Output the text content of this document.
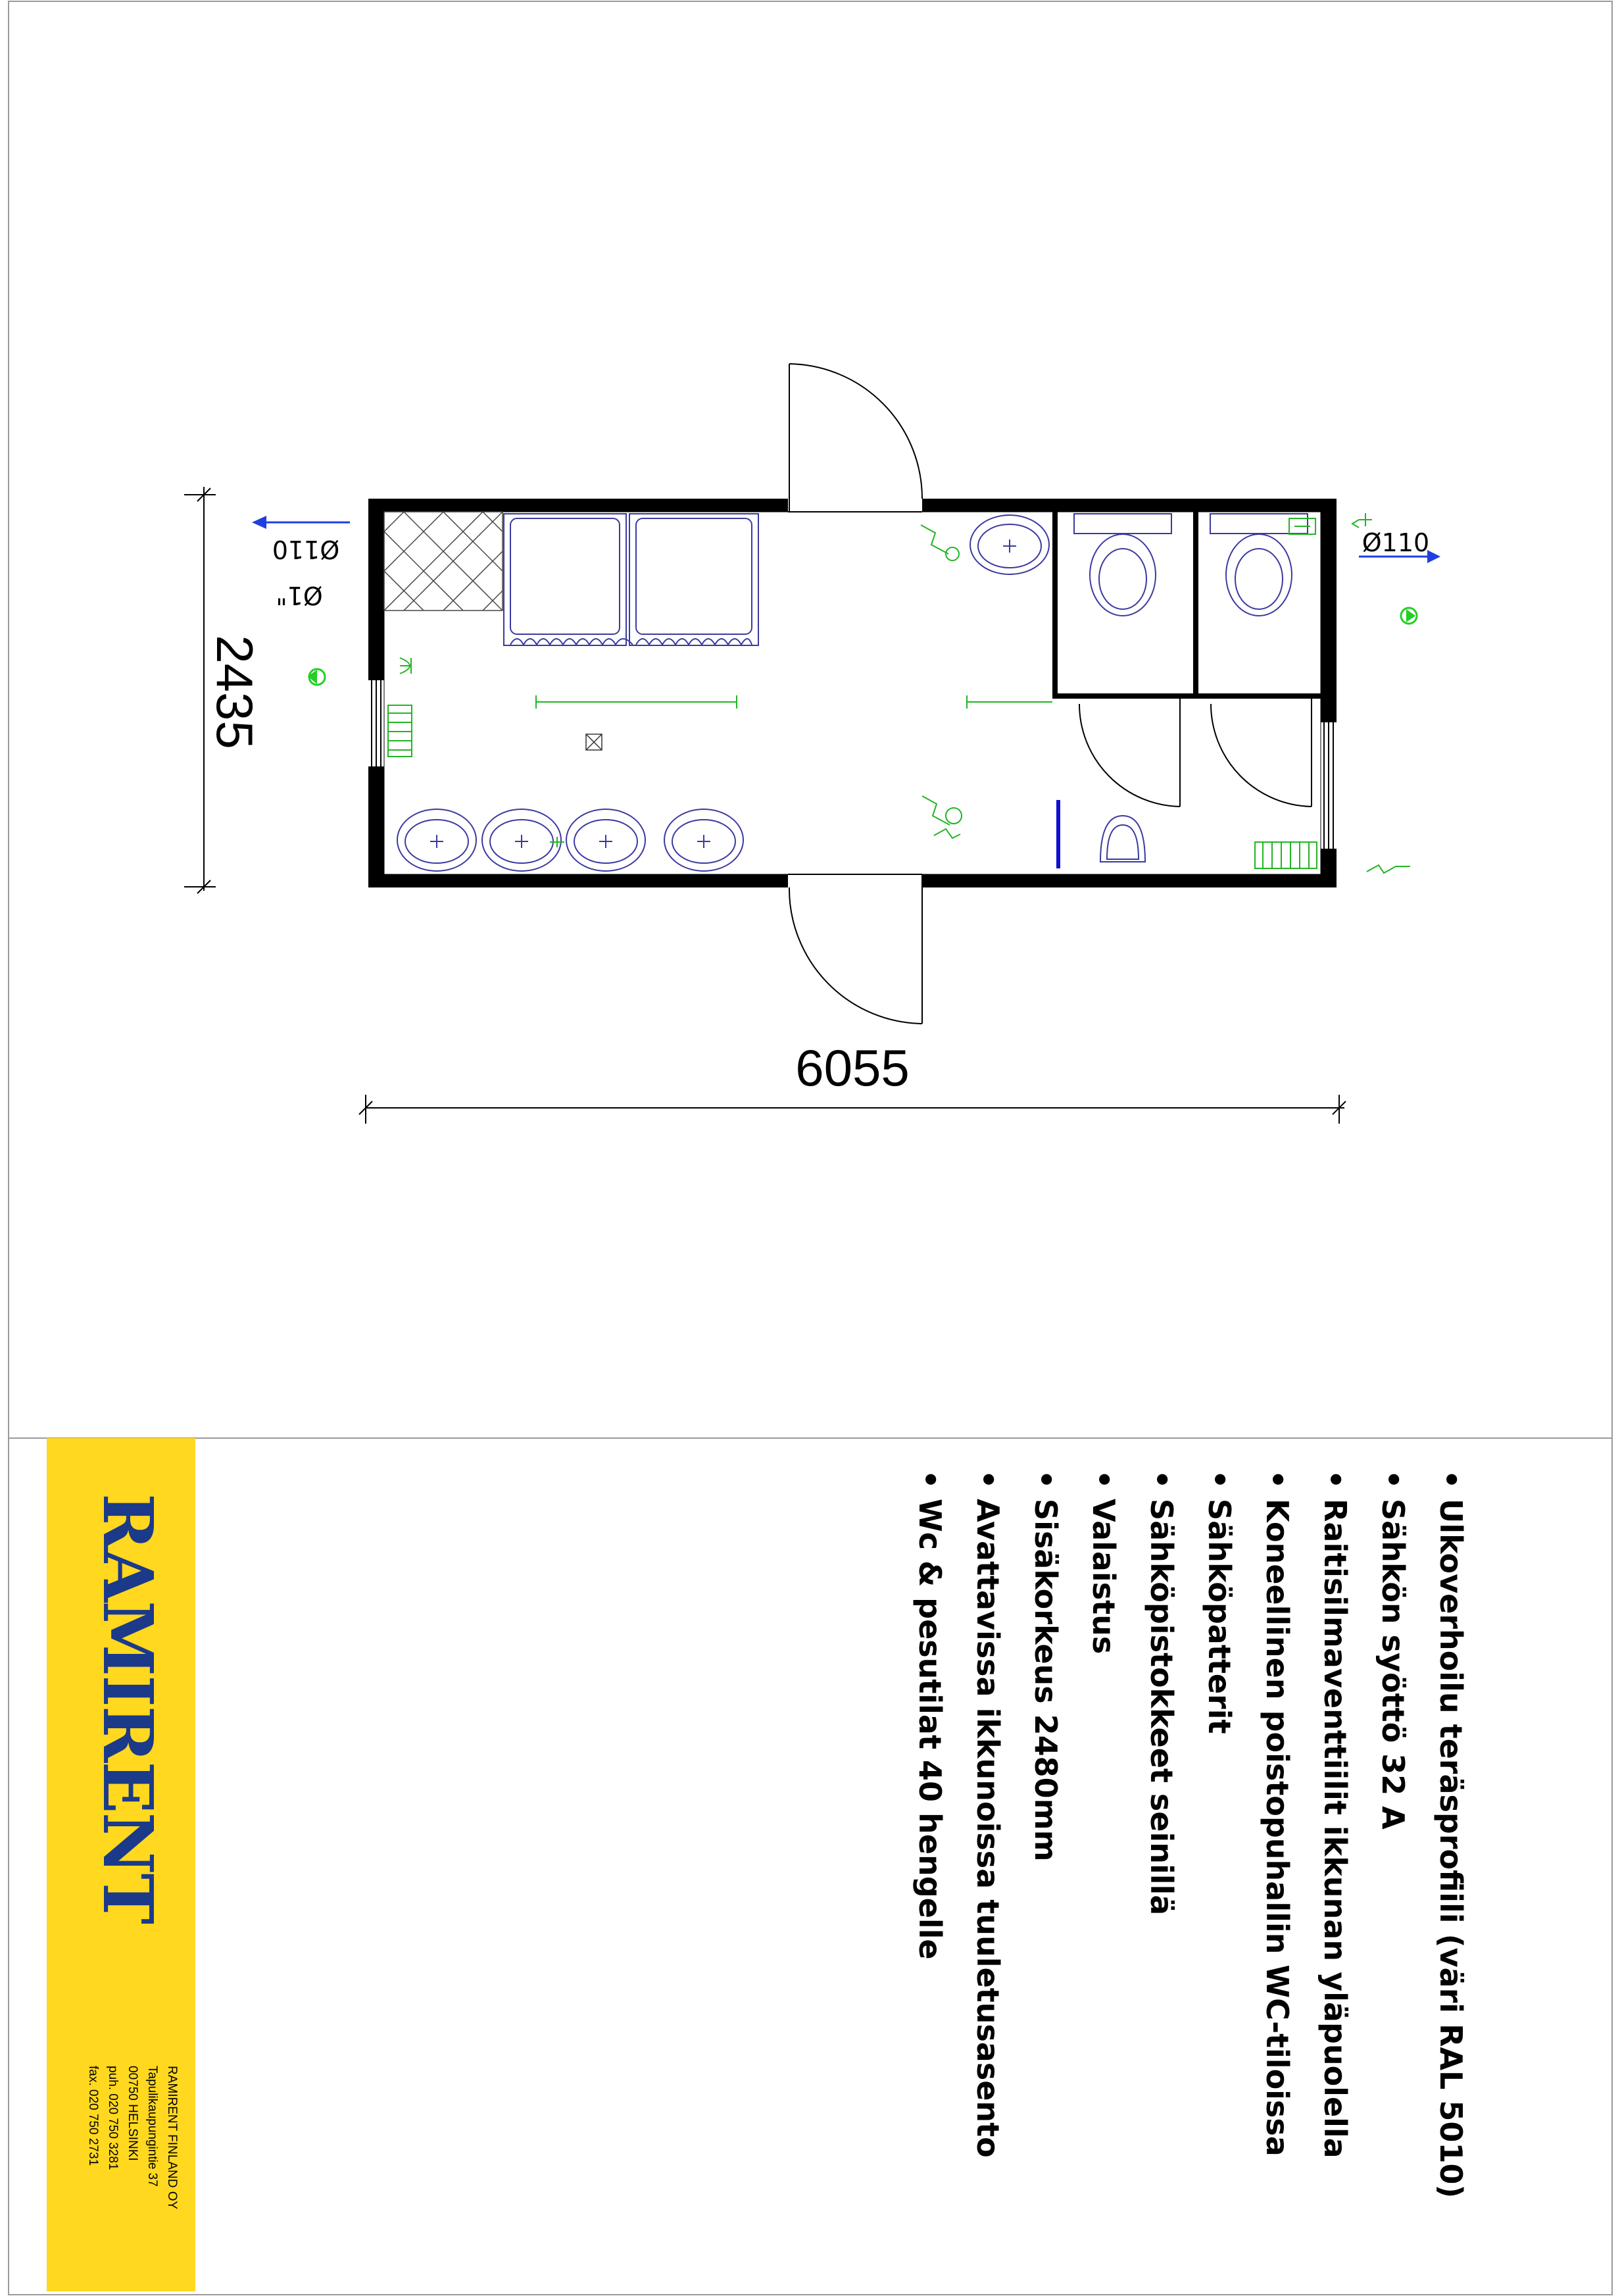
6055
2435
Ø110
Ø1"
Ø110
RAMIRENT
RAMIRENT FINLAND OY
Tapulikaupungintie 37
00750 HELSINKI
puh. 020 750 3281
fax. 020 750 2731
•Ulkoverhoilu teräsprofiili (väri RAL 5010)
•Sähkön syöttö 32 A
•Raitisilmaventtiilit ikkunan yläpuolella
•Koneellinen poistopuhallin WC-tiloissa
•Sähköpatterit
•Sähköpistokkeet seinillä
•Valaistus
•Sisäkorkeus 2480mm
•Avattavissa ikkunoissa tuuletusasento
•Wc & pesutilat 40 hengelle
